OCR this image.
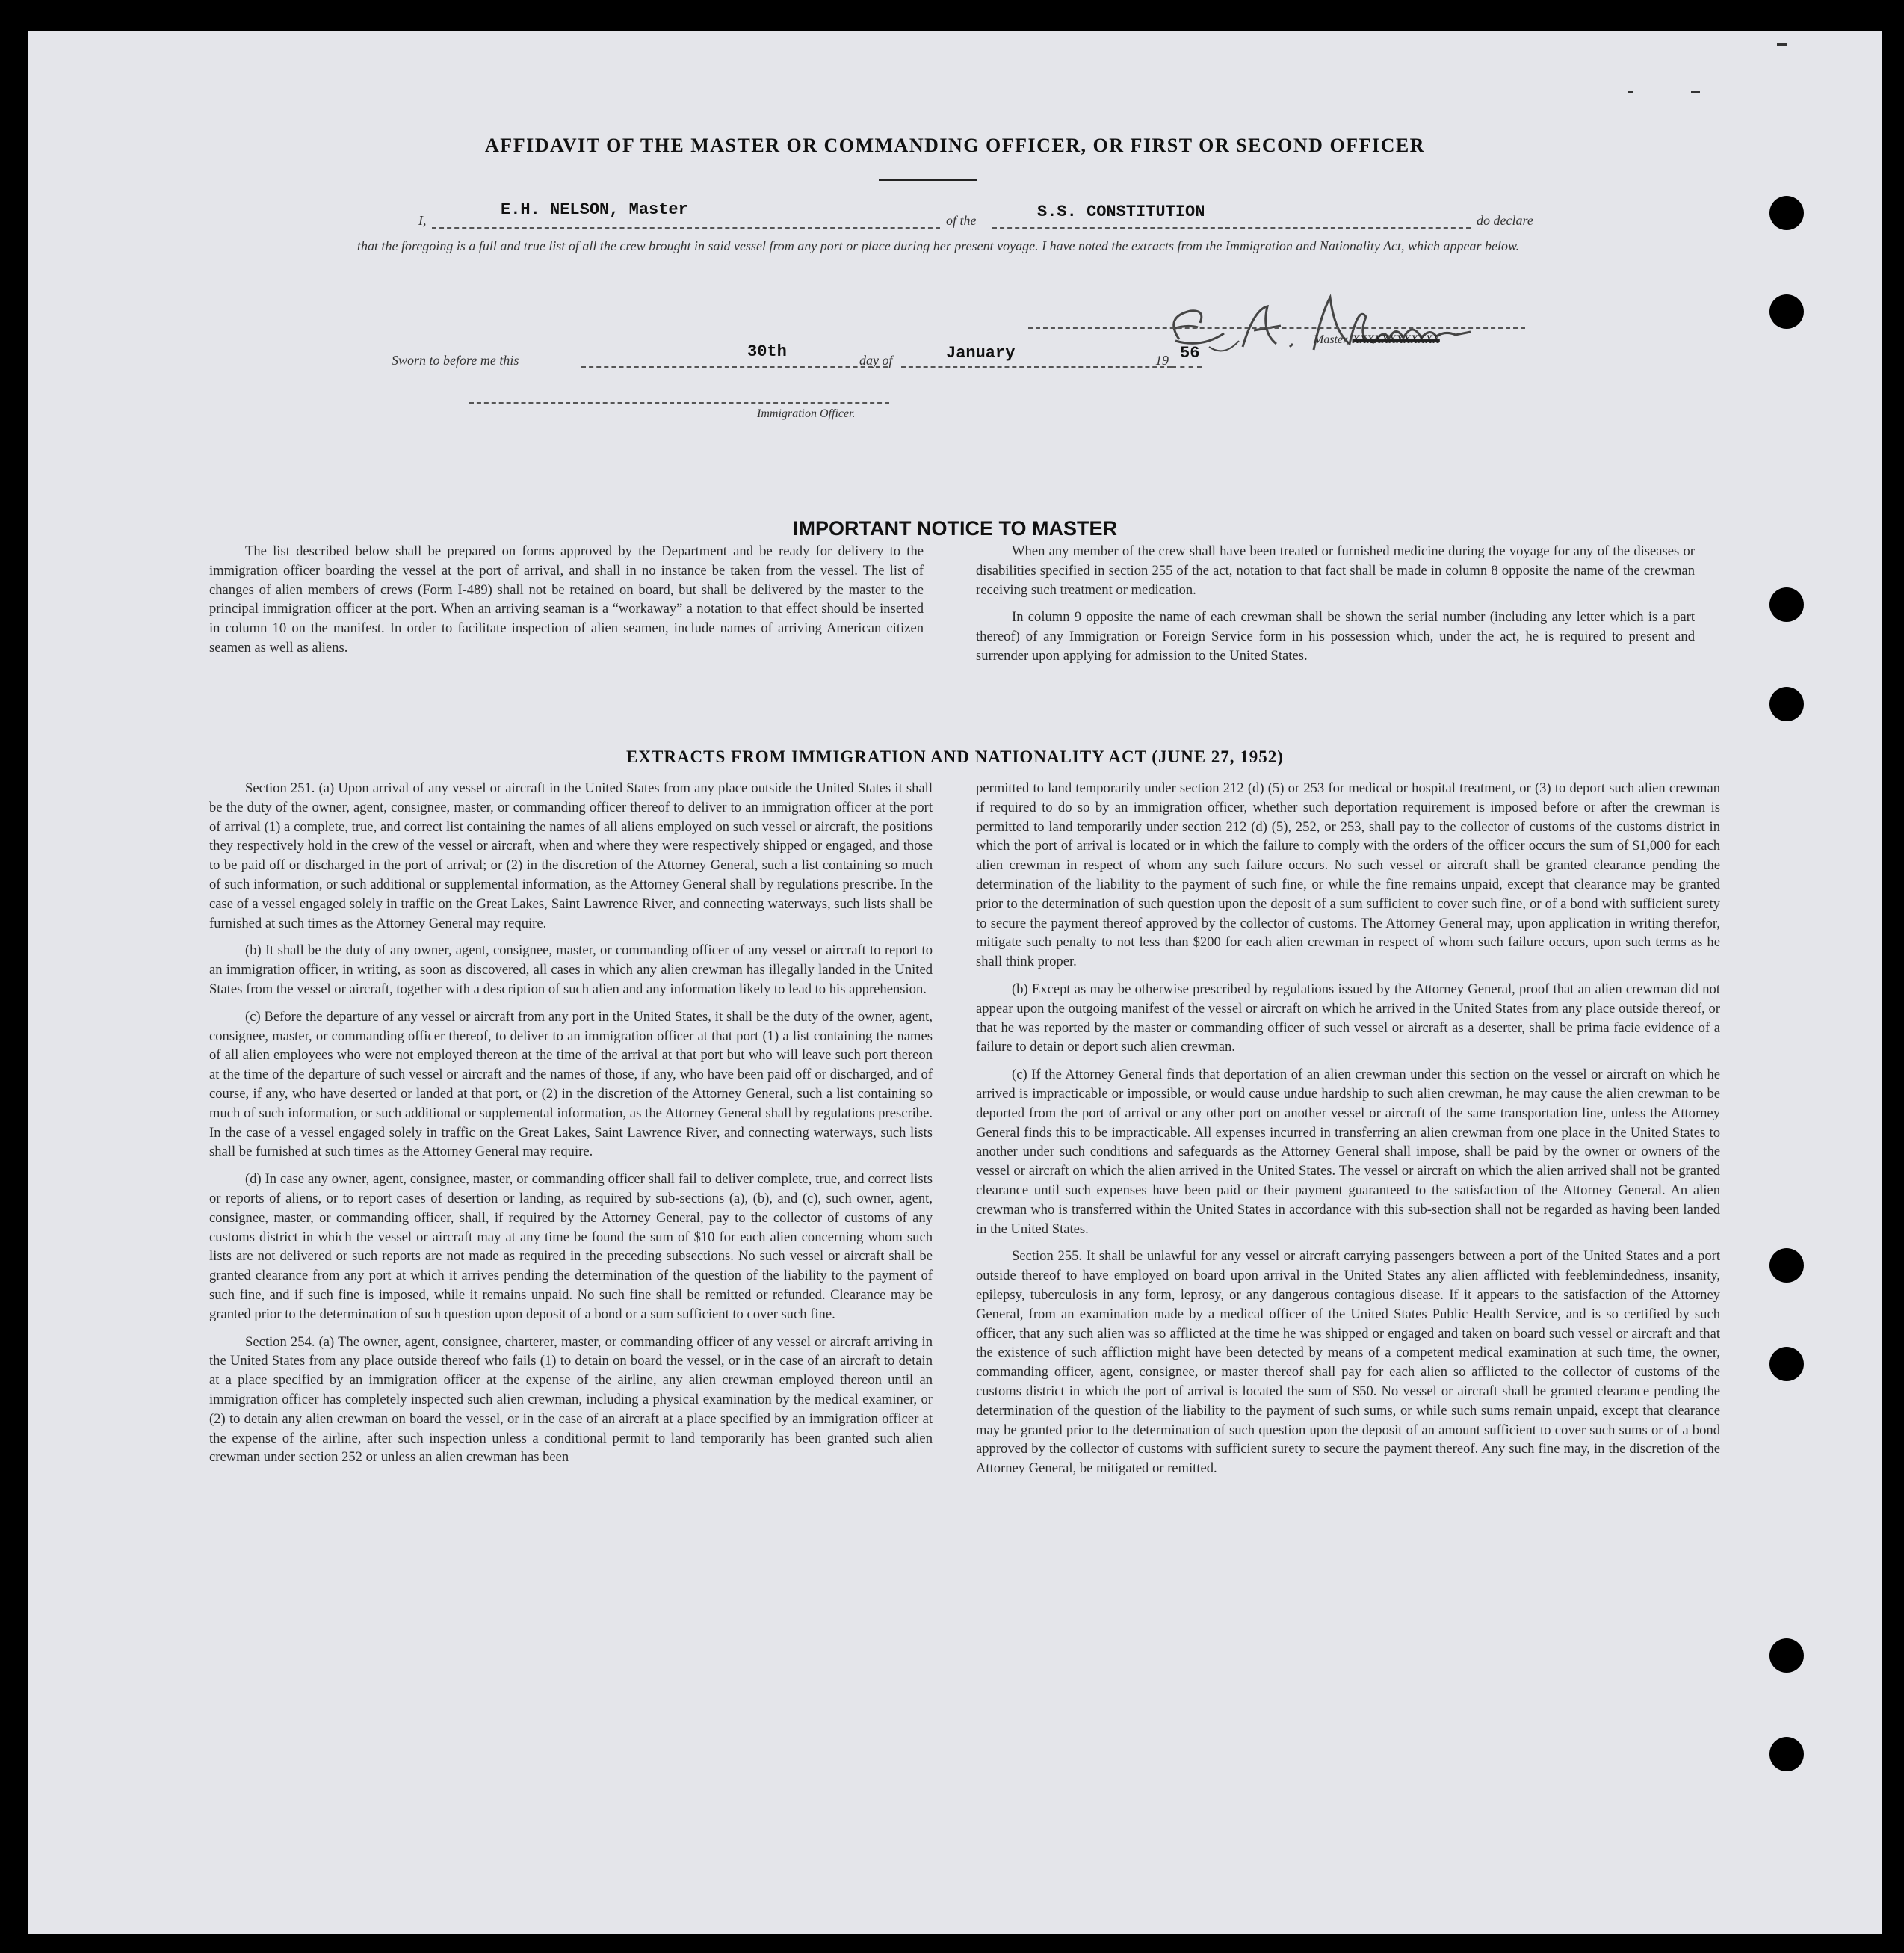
AFFIDAVIT OF THE MASTER OR COMMANDING OFFICER, OR FIRST OR SECOND OFFICER
I,
E.H. NELSON, Master
of the	S.S. CONSTITUTION	do declare

that the foregoing is a full and true list of all the crew brought in said vessel from any port or place during her present voyage. I have noted the extracts from the Immigration and Nationality Act, which appear below.

Master, XXXXXXXXXXXX
Sworn to before me this	30th	day of	January	19 56
Immigration Officer.
IMPORTANT NOTICE TO MASTER

The list described below shall be prepared on forms approved by the Department and be ready for delivery to the immigration officer boarding the vessel at the port of arrival, and shall in no instance be taken from the vessel. The list of changes of alien members of crews (Form I-489) shall not be retained on board, but shall be delivered by the master to the principal immigration officer at the port. When an arriving seaman is a “workaway” a notation to that effect should be inserted in column 10 on the manifest. In order to facilitate inspection of alien seamen, include names of arriving American citizen seamen as well as aliens.

When any member of the crew shall have been treated or furnished medicine during the voyage for any of the diseases or disabilities specified in section 255 of the act, notation to that fact shall be made in column 8 opposite the name of the crewman receiving such treatment or medication.

In column 9 opposite the name of each crewman shall be shown the serial number (including any letter which is a part thereof) of any Immigration or Foreign Service form in his possession which, under the act, he is required to present and surrender upon applying for admission to the United States.

EXTRACTS FROM IMMIGRATION AND NATIONALITY ACT (JUNE 27, 1952)

Section 251. (a) Upon arrival of any vessel or aircraft in the United States from any place outside the United States it shall be the duty of the owner, agent, consignee, master, or commanding officer thereof to deliver to an immigration officer at the port of arrival (1) a complete, true, and correct list containing the names of all aliens employed on such vessel or aircraft, the positions they respectively hold in the crew of the vessel or aircraft, when and where they were respectively shipped or engaged, and those to be paid off or discharged in the port of arrival; or (2) in the discretion of the Attorney General, such a list containing so much of such information, or such additional or supplemental information, as the Attorney General shall by regulations prescribe. In the case of a vessel engaged solely in traffic on the Great Lakes, Saint Lawrence River, and connecting waterways, such lists shall be furnished at such times as the Attorney General may require.

(b) It shall be the duty of any owner, agent, consignee, master, or commanding officer of any vessel or aircraft to report to an immigration officer, in writing, as soon as discovered, all cases in which any alien crewman has illegally landed in the United States from the vessel or aircraft, together with a description of such alien and any information likely to lead to his apprehension.

(c) Before the departure of any vessel or aircraft from any port in the United States, it shall be the duty of the owner, agent, consignee, master, or commanding officer thereof, to deliver to an immigration officer at that port (1) a list containing the names of all alien employees who were not employed thereon at the time of the arrival at that port but who will leave such port thereon at the time of the departure of such vessel or aircraft and the names of those, if any, who have been paid off or discharged, and of course, if any, who have deserted or landed at that port, or (2) in the discretion of the Attorney General, such a list containing so much of such information, or such additional or supplemental information, as the Attorney General shall by regulations prescribe. In the case of a vessel engaged solely in traffic on the Great Lakes, Saint Lawrence River, and connecting waterways, such lists shall be furnished at such times as the Attorney General may require.

(d) In case any owner, agent, consignee, master, or commanding officer shall fail to deliver complete, true, and correct lists or reports of aliens, or to report cases of desertion or landing, as required by sub-sections (a), (b), and (c), such owner, agent, consignee, master, or commanding officer, shall, if required by the Attorney General, pay to the collector of customs of any customs district in which the vessel or aircraft may at any time be found the sum of $10 for each alien concerning whom such lists are not delivered or such reports are not made as required in the preceding subsections. No such vessel or aircraft shall be granted clearance from any port at which it arrives pending the determination of the question of the liability to the payment of such fine, and if such fine is imposed, while it remains unpaid. No such fine shall be remitted or refunded. Clearance may be granted prior to the determination of such question upon deposit of a bond or a sum sufficient to cover such fine.

Section 254. (a) The owner, agent, consignee, charterer, master, or commanding officer of any vessel or aircraft arriving in the United States from any place outside thereof who fails (1) to detain on board the vessel, or in the case of an aircraft to detain at a place specified by an immigration officer at the expense of the airline, any alien crewman employed thereon until an immigration officer has completely inspected such alien crewman, including a physical examination by the medical examiner, or (2) to detain any alien crewman on board the vessel, or in the case of an aircraft at a place specified by an immigration officer at the expense of the airline, after such inspection unless a conditional permit to land temporarily has been granted such alien crewman under section 252 or unless an alien crewman has been

permitted to land temporarily under section 212 (d) (5) or 253 for medical or hospital treatment, or (3) to deport such alien crewman if required to do so by an immigration officer, whether such deportation requirement is imposed before or after the crewman is permitted to land temporarily under section 212 (d) (5), 252, or 253, shall pay to the collector of customs of the customs district in which the port of arrival is located or in which the failure to comply with the orders of the officer occurs the sum of $1,000 for each alien crewman in respect of whom any such failure occurs. No such vessel or aircraft shall be granted clearance pending the determination of the liability to the payment of such fine, or while the fine remains unpaid, except that clearance may be granted prior to the determination of such question upon the deposit of a sum sufficient to cover such fine, or of a bond with sufficient surety to secure the payment thereof approved by the collector of customs. The Attorney General may, upon application in writing therefor, mitigate such penalty to not less than $200 for each alien crewman in respect of whom such failure occurs, upon such terms as he shall think proper.

(b) Except as may be otherwise prescribed by regulations issued by the Attorney General, proof that an alien crewman did not appear upon the outgoing manifest of the vessel or aircraft on which he arrived in the United States from any place outside thereof, or that he was reported by the master or commanding officer of such vessel or aircraft as a deserter, shall be prima facie evidence of a failure to detain or deport such alien crewman.

(c) If the Attorney General finds that deportation of an alien crewman under this section on the vessel or aircraft on which he arrived is impracticable or impossible, or would cause undue hardship to such alien crewman, he may cause the alien crewman to be deported from the port of arrival or any other port on another vessel or aircraft of the same transportation line, unless the Attorney General finds this to be impracticable. All expenses incurred in transferring an alien crewman from one place in the United States to another under such conditions and safeguards as the Attorney General shall impose, shall be paid by the owner or owners of the vessel or aircraft on which the alien arrived in the United States. The vessel or aircraft on which the alien arrived shall not be granted clearance until such expenses have been paid or their payment guaranteed to the satisfaction of the Attorney General. An alien crewman who is transferred within the United States in accordance with this sub-section shall not be regarded as having been landed in the United States.

Section 255. It shall be unlawful for any vessel or aircraft carrying passengers between a port of the United States and a port outside thereof to have employed on board upon arrival in the United States any alien afflicted with feeblemindedness, insanity, epilepsy, tuberculosis in any form, leprosy, or any dangerous contagious disease. If it appears to the satisfaction of the Attorney General, from an examination made by a medical officer of the United States Public Health Service, and is so certified by such officer, that any such alien was so afflicted at the time he was shipped or engaged and taken on board such vessel or aircraft and that the existence of such affliction might have been detected by means of a competent medical examination at such time, the owner, commanding officer, agent, consignee, or master thereof shall pay for each alien so afflicted to the collector of customs of the customs district in which the port of arrival is located the sum of $50. No vessel or aircraft shall be granted clearance pending the determination of the question of the liability to the payment of such sums, or while such sums remain unpaid, except that clearance may be granted prior to the determination of such question upon the deposit of an amount sufficient to cover such sums or of a bond approved by the collector of customs with sufficient surety to secure the payment thereof. Any such fine may, in the discretion of the Attorney General, be mitigated or remitted.
